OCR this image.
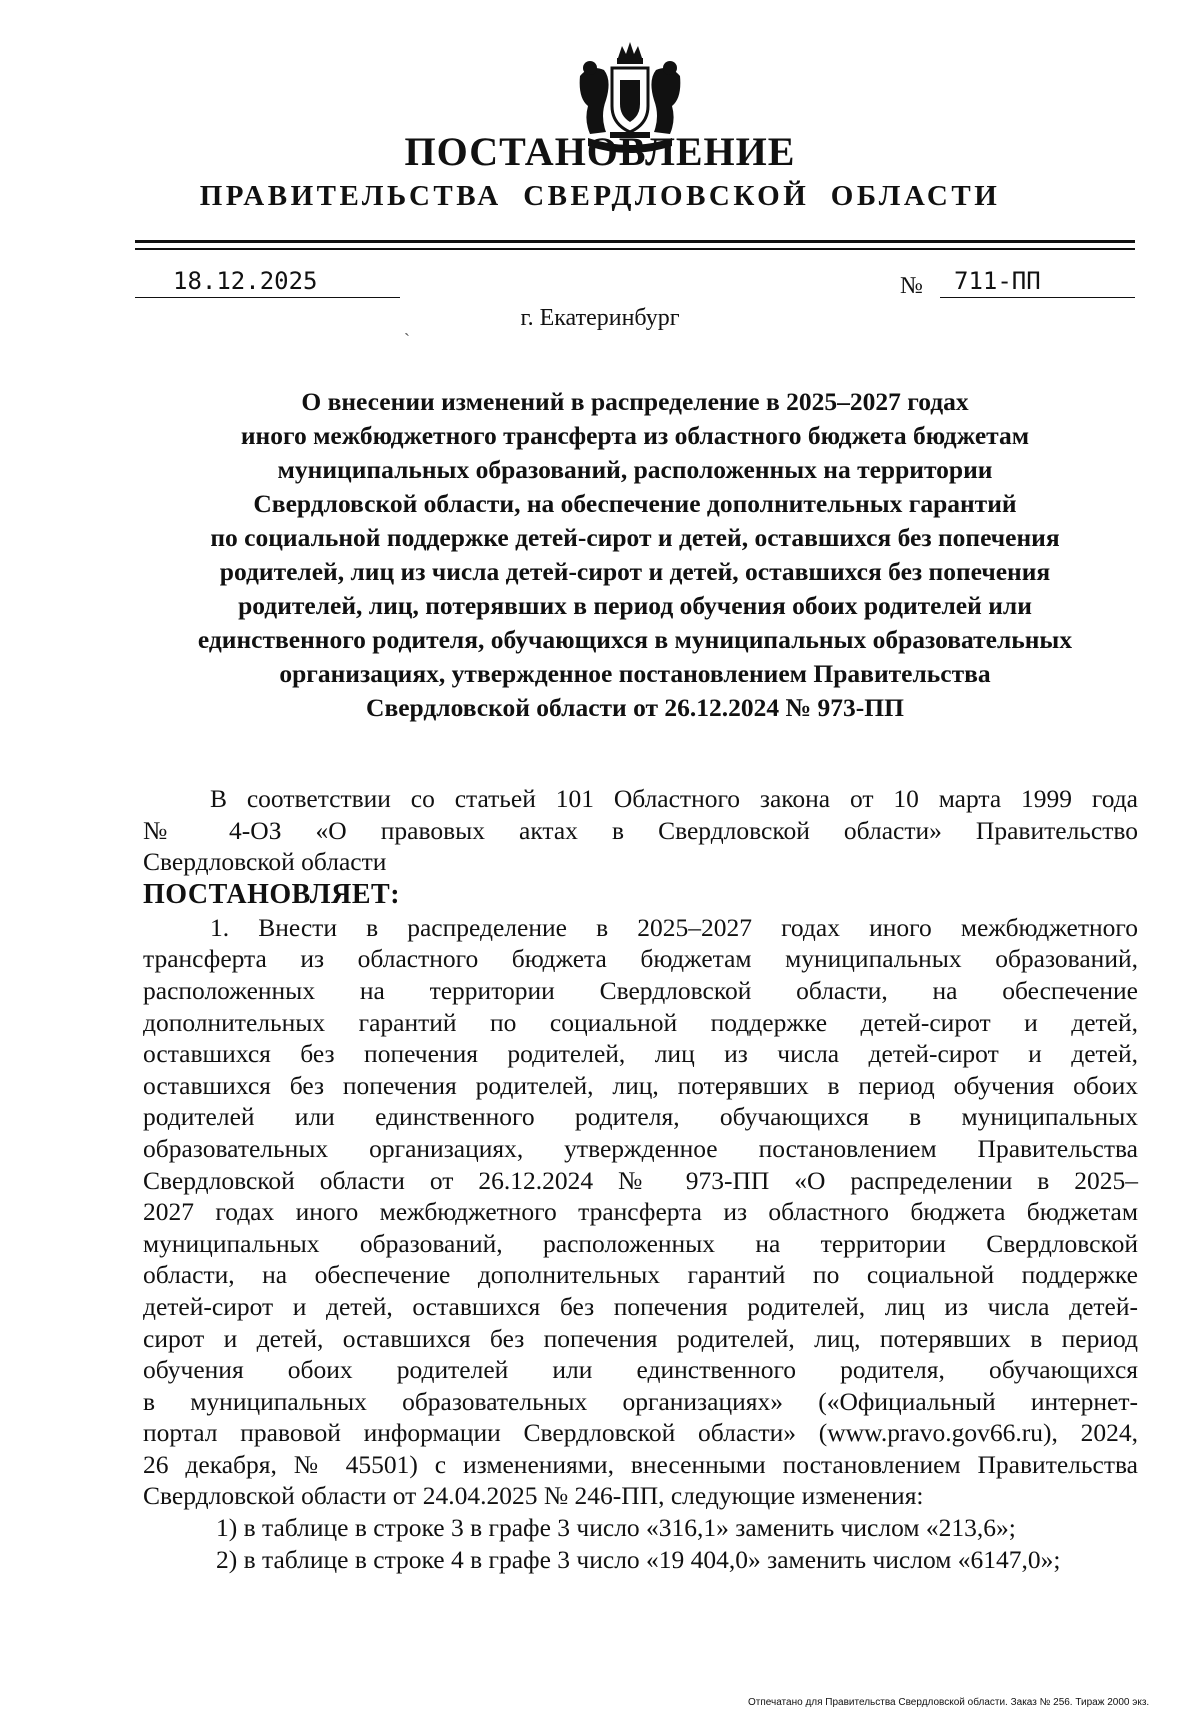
ПОСТАНОВЛЕНИЕ
ПРАВИТЕЛЬСТВА  СВЕРДЛОВСКОЙ  ОБЛАСТИ
18.12.2025	№	711-ПП
ˏ	г. Екатеринбург
О внесении изменений в распределение в 2025–2027 годах
иного межбюджетного трансферта из областного бюджета бюджетам
муниципальных образований, расположенных на территории
Свердловской области, на обеспечение дополнительных гарантий
по социальной поддержке детей-сирот и детей, оставшихся без попечения
родителей, лиц из числа детей-сирот и детей, оставшихся без попечения
родителей, лиц, потерявших в период обучения обоих родителей или
единственного родителя, обучающихся в муниципальных образовательных
организациях, утвержденное постановлением Правительства
Свердловской области от 26.12.2024 № 973-ПП
В соответствии со статьей 101 Областного закона от 10 марта 1999 года
№ 4-ОЗ «О правовых актах в Свердловской области» Правительство
Свердловской области
ПОСТАНОВЛЯЕТ:
1. Внести в распределение в 2025–2027 годах иного межбюджетного
трансферта из областного бюджета бюджетам муниципальных образований,
расположенных на территории Свердловской области, на обеспечение
дополнительных гарантий по социальной поддержке детей-сирот и детей,
оставшихся без попечения родителей, лиц из числа детей-сирот и детей,
оставшихся без попечения родителей, лиц, потерявших в период обучения обоих
родителей или единственного родителя, обучающихся в муниципальных
образовательных организациях, утвержденное постановлением Правительства
Свердловской области от 26.12.2024 № 973-ПП «О распределении в 2025–
2027 годах иного межбюджетного трансферта из областного бюджета бюджетам
муниципальных образований, расположенных на территории Свердловской
области, на обеспечение дополнительных гарантий по социальной поддержке
детей-сирот и детей, оставшихся без попечения родителей, лиц из числа детей-
сирот и детей, оставшихся без попечения родителей, лиц, потерявших в период
обучения обоих родителей или единственного родителя, обучающихся
в муниципальных образовательных организациях» («Официальный интернет-
портал правовой информации Свердловской области» (www.pravo.gov66.ru), 2024,
26 декабря, № 45501) с изменениями, внесенными постановлением Правительства
Свердловской области от 24.04.2025 № 246-ПП, следующие изменения:
1) в таблице в строке 3 в графе 3 число «316,1» заменить числом «213,6»;
2) в таблице в строке 4 в графе 3 число «19 404,0» заменить числом «6147,0»;
Отпечатано для Правительства Свердловской области. Заказ № 256. Тираж 2000 экз.
